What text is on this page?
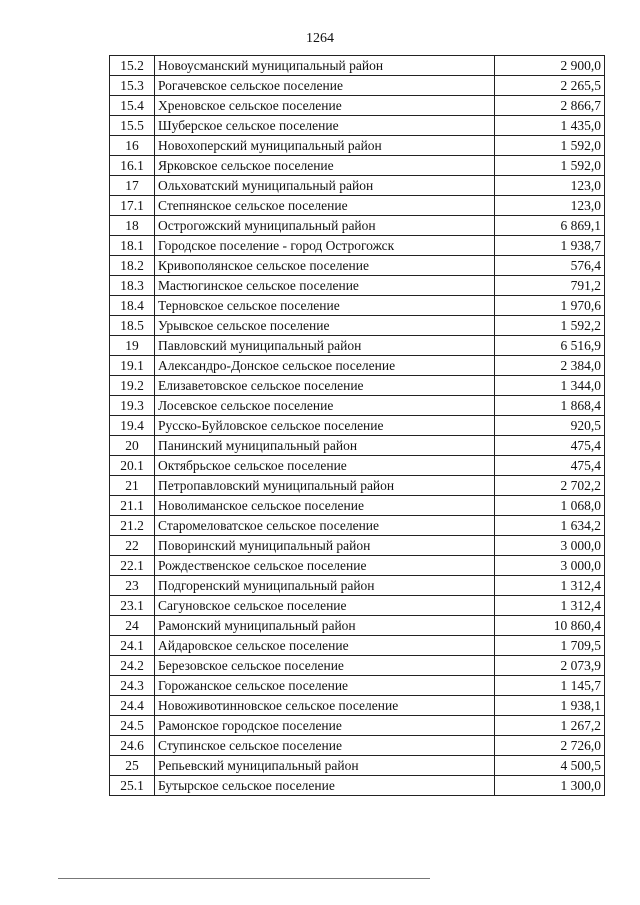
1264
15.2	Новоусманский муниципальный район	2 900,0
15.3	Рогачевское сельское поселение	2 265,5
15.4	Хреновское сельское поселение	2 866,7
15.5	Шуберское сельское поселение	1 435,0
16	Новохоперский муниципальный район	1 592,0
16.1	Ярковское сельское поселение	1 592,0
17	Ольховатский муниципальный район	123,0
17.1	Степнянское сельское поселение	123,0
18	Острогожский муниципальный район	6 869,1
18.1	Городское поселение - город Острогожск	1 938,7
18.2	Кривополянское сельское поселение	576,4
18.3	Мастюгинское сельское поселение	791,2
18.4	Терновское сельское поселение	1 970,6
18.5	Урывское сельское поселение	1 592,2
19	Павловский муниципальный район	6 516,9
19.1	Александро-Донское сельское поселение	2 384,0
19.2	Елизаветовское сельское поселение	1 344,0
19.3	Лосевское сельское поселение	1 868,4
19.4	Русско-Буйловское сельское поселение	920,5
20	Панинский муниципальный район	475,4
20.1	Октябрьское сельское поселение	475,4
21	Петропавловский муниципальный район	2 702,2
21.1	Новолиманское сельское поселение	1 068,0
21.2	Старомеловатское сельское поселение	1 634,2
22	Поворинский муниципальный район	3 000,0
22.1	Рождественское сельское поселение	3 000,0
23	Подгоренский муниципальный район	1 312,4
23.1	Сагуновское сельское поселение	1 312,4
24	Рамонский муниципальный район	10 860,4
24.1	Айдаровское сельское поселение	1 709,5
24.2	Березовское сельское поселение	2 073,9
24.3	Горожанское сельское поселение	1 145,7
24.4	Новоживотинновское сельское поселение	1 938,1
24.5	Рамонское городское поселение	1 267,2
24.6	Ступинское сельское поселение	2 726,0
25	Репьевский муниципальный район	4 500,5
25.1	Бутырское сельское поселение	1 300,0
